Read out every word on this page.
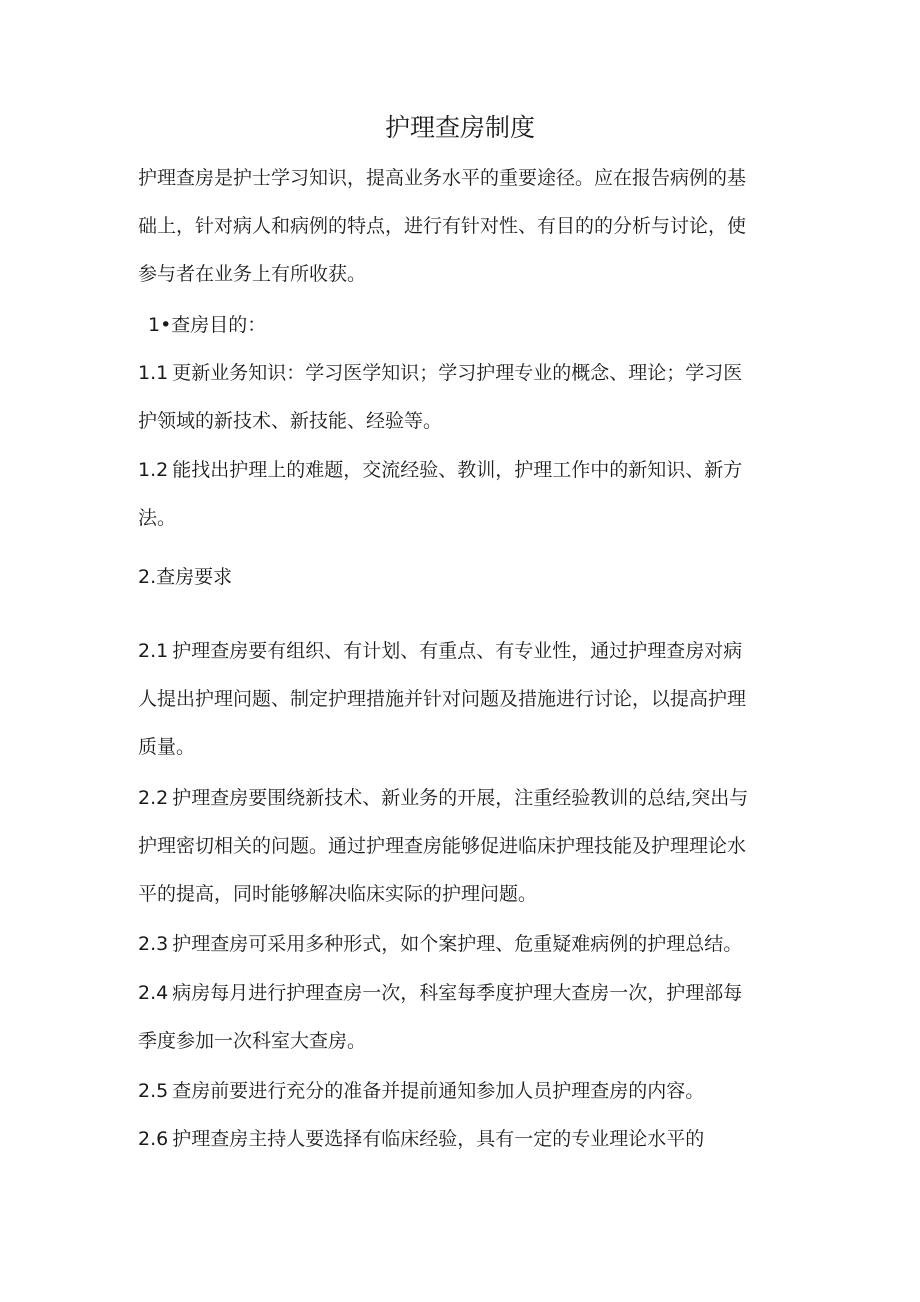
护理查房制度
护理查房是护士学习知识，提高业务水平的重要途径。应在报告病例的基
础上，针对病人和病例的特点，进行有针对性、有目的的分析与讨论，使
参与者在业务上有所收获。
1•查房目的：
1.1 更新业务知识：学习医学知识；学习护理专业的概念、理论；学习医
护领域的新技术、新技能、经验等。
1.2 能找出护理上的难题，交流经验、教训，护理工作中的新知识、新方
法。
2.查房要求
2.1 护理查房要有组织、有计划、有重点、有专业性，通过护理查房对病
人提出护理问题、制定护理措施并针对问题及措施进行讨论，以提高护理
质量。
2.2 护理查房要围绕新技术、新业务的开展，注重经验教训的总结,突出与
护理密切相关的问题。通过护理查房能够促进临床护理技能及护理理论水
平的提高，同时能够解决临床实际的护理问题。
2.3 护理查房可采用多种形式，如个案护理、危重疑难病例的护理总结。
2.4 病房每月进行护理查房一次，科室每季度护理大查房一次，护理部每
季度参加一次科室大查房。
2.5 查房前要进行充分的准备并提前通知参加人员护理查房的内容。
2.6 护理查房主持人要选择有临床经验，具有一定的专业理论水平的
